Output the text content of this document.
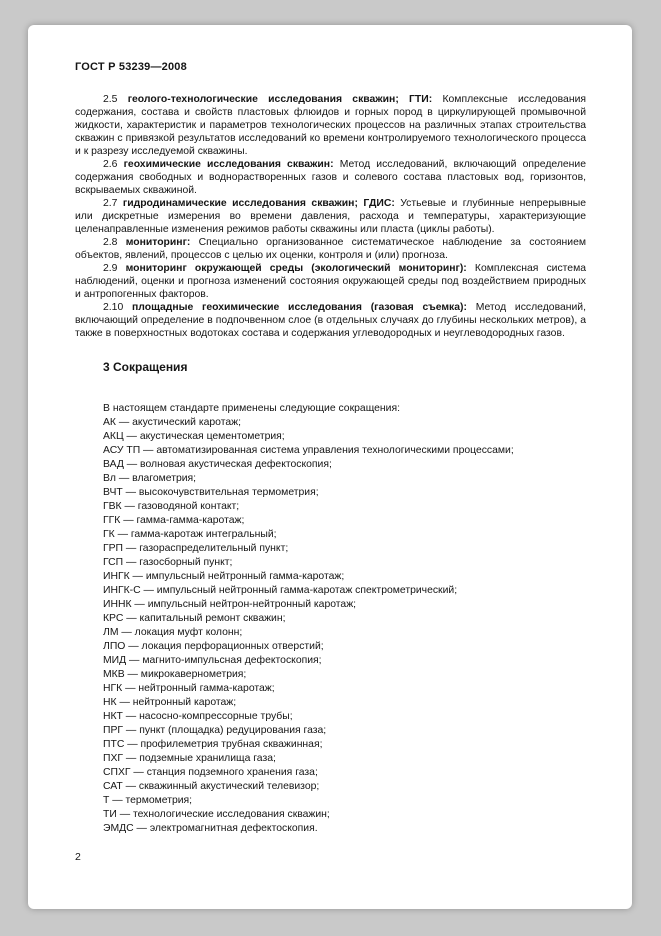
ГОСТ Р 53239—2008

2.5 геолого-технологические исследования скважин; ГТИ: Комплексные исследования содержания, состава и свойств пластовых флюидов и горных пород в циркулирующей промывочной жидкости, характеристик и параметров технологических процессов на различных этапах строительства скважин с привязкой результатов исследований ко времени контролируемого технологического процесса и к разрезу исследуемой скважины.

2.6 геохимические исследования скважин: Метод исследований, включающий определение содержания свободных и воднорастворенных газов и солевого состава пластовых вод, горизонтов, вскрываемых скважиной.

2.7 гидродинамические исследования скважин; ГДИС: Устьевые и глубинные непрерывные или дискретные измерения во времени давления, расхода и температуры, характеризующие целенаправленные изменения режимов работы скважины или пласта (циклы работы).

2.8 мониторинг: Специально организованное систематическое наблюдение за состоянием объектов, явлений, процессов с целью их оценки, контроля и (или) прогноза.

2.9 мониторинг окружающей среды (экологический мониторинг): Комплексная система наблюдений, оценки и прогноза изменений состояния окружающей среды под воздействием природных и антропогенных факторов.

2.10 площадные геохимические исследования (газовая съемка): Метод исследований, включающий определение в подпочвенном слое (в отдельных случаях до глубины нескольких метров), а также в поверхностных водотоках состава и содержания углеводородных и неуглеводородных газов.

3 Сокращения

В настоящем стандарте применены следующие сокращения:

АК — акустический каротаж;
АКЦ — акустическая цементометрия;
АСУ ТП — автоматизированная система управления технологическими процессами;
ВАД — волновая акустическая дефектоскопия;
Вл — влагометрия;
ВЧТ — высокочувствительная термометрия;
ГВК — газоводяной контакт;
ГГК — гамма-гамма-каротаж;
ГК — гамма-каротаж интегральный;
ГРП — газораспределительный пункт;
ГСП — газосборный пункт;
ИНГК — импульсный нейтронный гамма-каротаж;
ИНГК-С — импульсный нейтронный гамма-каротаж спектрометрический;
ИННК — импульсный нейтрон-нейтронный каротаж;
КРС — капитальный ремонт скважин;
ЛМ — локация муфт колонн;
ЛПО — локация перфорационных отверстий;
МИД — магнито-импульсная дефектоскопия;
МКВ — микрокавернометрия;
НГК — нейтронный гамма-каротаж;
НК — нейтронный каротаж;
НКТ — насосно-компрессорные трубы;
ПРГ — пункт (площадка) редуцирования газа;
ПТС — профилеметрия трубная скважинная;
ПХГ — подземные хранилища газа;
СПХГ — станция подземного хранения газа;
САТ — скважинный акустический телевизор;
Т — термометрия;
ТИ — технологические исследования скважин;
ЭМДС — электромагнитная дефектоскопия.
2
